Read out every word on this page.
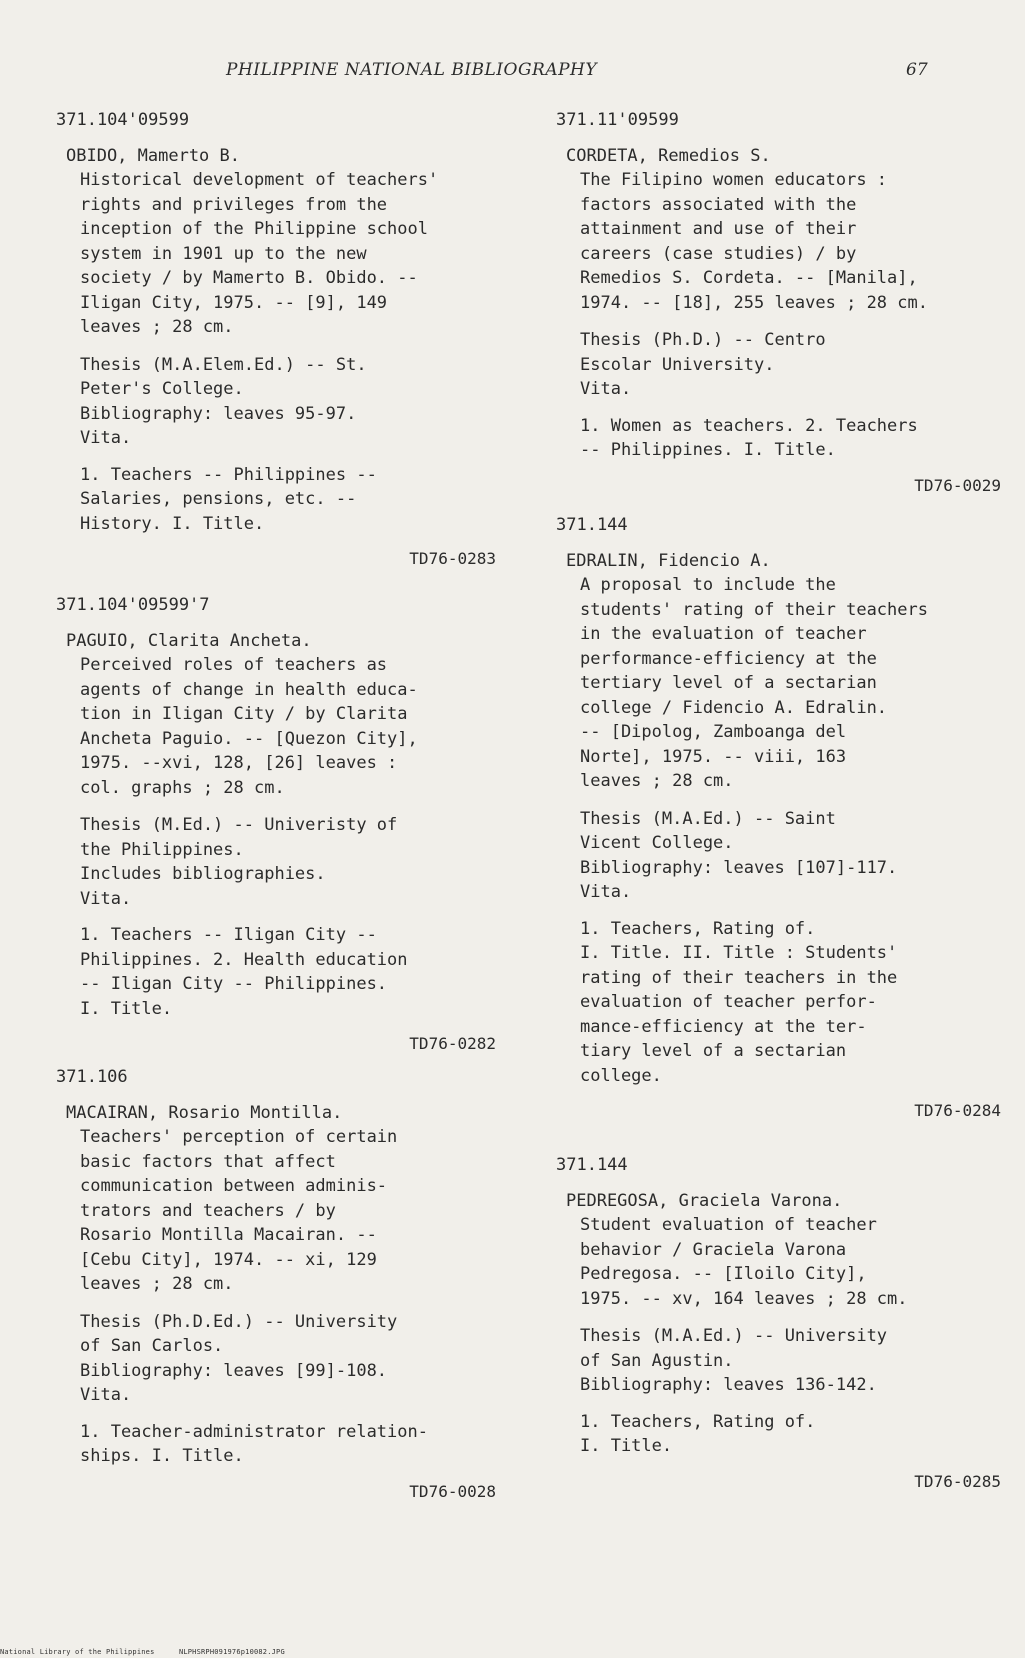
PHILIPPINE NATIONAL BIBLIOGRAPHY	67

371.104'09599

OBIDO, Mamerto B.

Historical development of teachers'
rights and privileges from the
inception of the Philippine school
system in 1901 up to the new
society / by Mamerto B. Obido. --
Iligan City, 1975. -- [9], 149
leaves ; 28 cm.

Thesis (M.A.Elem.Ed.) -- St.
Peter's College.
Bibliography: leaves 95-97.
Vita.

1. Teachers -- Philippines --
Salaries, pensions, etc. --
History. I. Title.

TD76-0283

371.104'09599'7

PAGUIO, Clarita Ancheta.

Perceived roles of teachers as
agents of change in health educa-
tion in Iligan City / by Clarita
Ancheta Paguio. -- [Quezon City],
1975. --xvi, 128, [26] leaves :
col. graphs ; 28 cm.

Thesis (M.Ed.) -- Univeristy of
the Philippines.
Includes bibliographies.
Vita.

1. Teachers -- Iligan City --
Philippines. 2. Health education
-- Iligan City -- Philippines.
I. Title.

TD76-0282

371.106

MACAIRAN, Rosario Montilla.

Teachers' perception of certain
basic factors that affect
communication between adminis-
trators and teachers / by
Rosario Montilla Macairan. --
[Cebu City], 1974. -- xi, 129
leaves ; 28 cm.

Thesis (Ph.D.Ed.) -- University
of San Carlos.
Bibliography: leaves [99]-108.
Vita.

1. Teacher-administrator relation-
ships. I. Title.

TD76-0028

371.11'09599

CORDETA, Remedios S.

The Filipino women educators :
factors associated with the
attainment and use of their
careers (case studies) / by
Remedios S. Cordeta. -- [Manila],
1974. -- [18], 255 leaves ; 28 cm.

Thesis (Ph.D.) -- Centro
Escolar University.
Vita.

1. Women as teachers. 2. Teachers
-- Philippines. I. Title.

TD76-0029

371.144

EDRALIN, Fidencio A.

A proposal to include the
students' rating of their teachers
in the evaluation of teacher
performance-efficiency at the
tertiary level of a sectarian
college / Fidencio A. Edralin.
-- [Dipolog, Zamboanga del
Norte], 1975. -- viii, 163
leaves ; 28 cm.

Thesis (M.A.Ed.) -- Saint
Vicent College.
Bibliography: leaves [107]-117.
Vita.

1. Teachers, Rating of.
I. Title. II. Title : Students'
rating of their teachers in the
evaluation of teacher perfor-
mance-efficiency at the ter-
tiary level of a sectarian
college.

TD76-0284

371.144

PEDREGOSA, Graciela Varona.

Student evaluation of teacher
behavior / Graciela Varona
Pedregosa. -- [Iloilo City],
1975. -- xv, 164 leaves ; 28 cm.

Thesis (M.A.Ed.) -- University
of San Agustin.
Bibliography: leaves 136-142.

1. Teachers, Rating of.
I. Title.

TD76-0285

National Library of the Philippines	NLPHSRPH091976p10082.JPG
